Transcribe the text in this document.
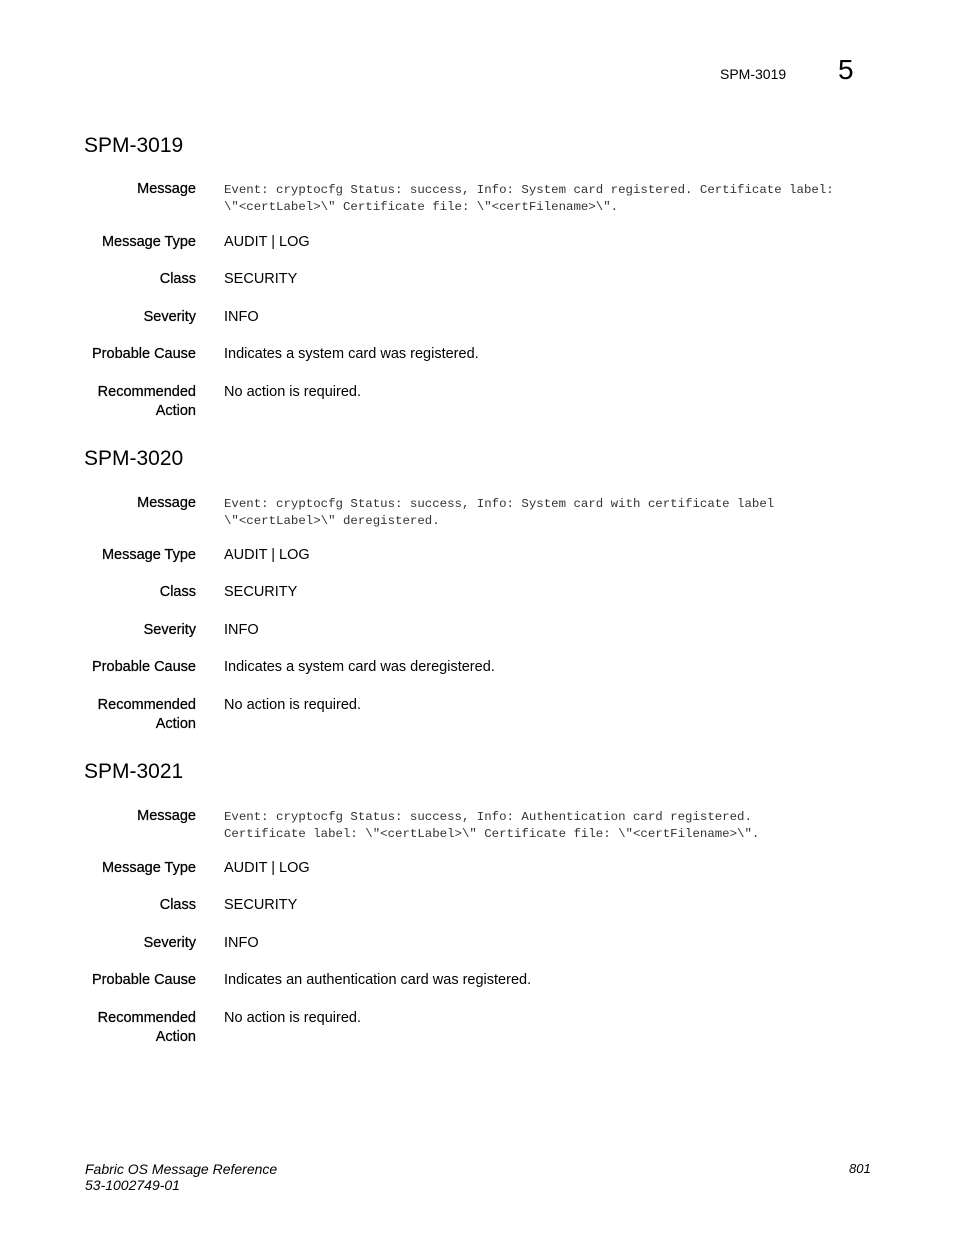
SPM-3019 5
SPM-3019
Message Event: cryptocfg Status: success, Info: System card registered. Certificate label:
\"<certLabel>\" Certificate file: \"<certFilename>\".
Message Type AUDIT | LOG
Class SECURITY
Severity INFO
Probable Cause Indicates a system card was registered.
Recommended
Action
No action is required.
SPM-3020
Message Event: cryptocfg Status: success, Info: System card with certificate label
\"<certLabel>\" deregistered.
Message Type AUDIT | LOG
Class SECURITY
Severity INFO
Probable Cause Indicates a system card was deregistered.
Recommended
Action
No action is required.
SPM-3021
Message Event: cryptocfg Status: success, Info: Authentication card registered.
Certificate label: \"<certLabel>\" Certificate file: \"<certFilename>\".
Message Type AUDIT | LOG
Class SECURITY
Severity INFO
Probable Cause Indicates an authentication card was registered.
Recommended
Action
No action is required.
Fabric OS Message Reference
53-1002749-01
801
